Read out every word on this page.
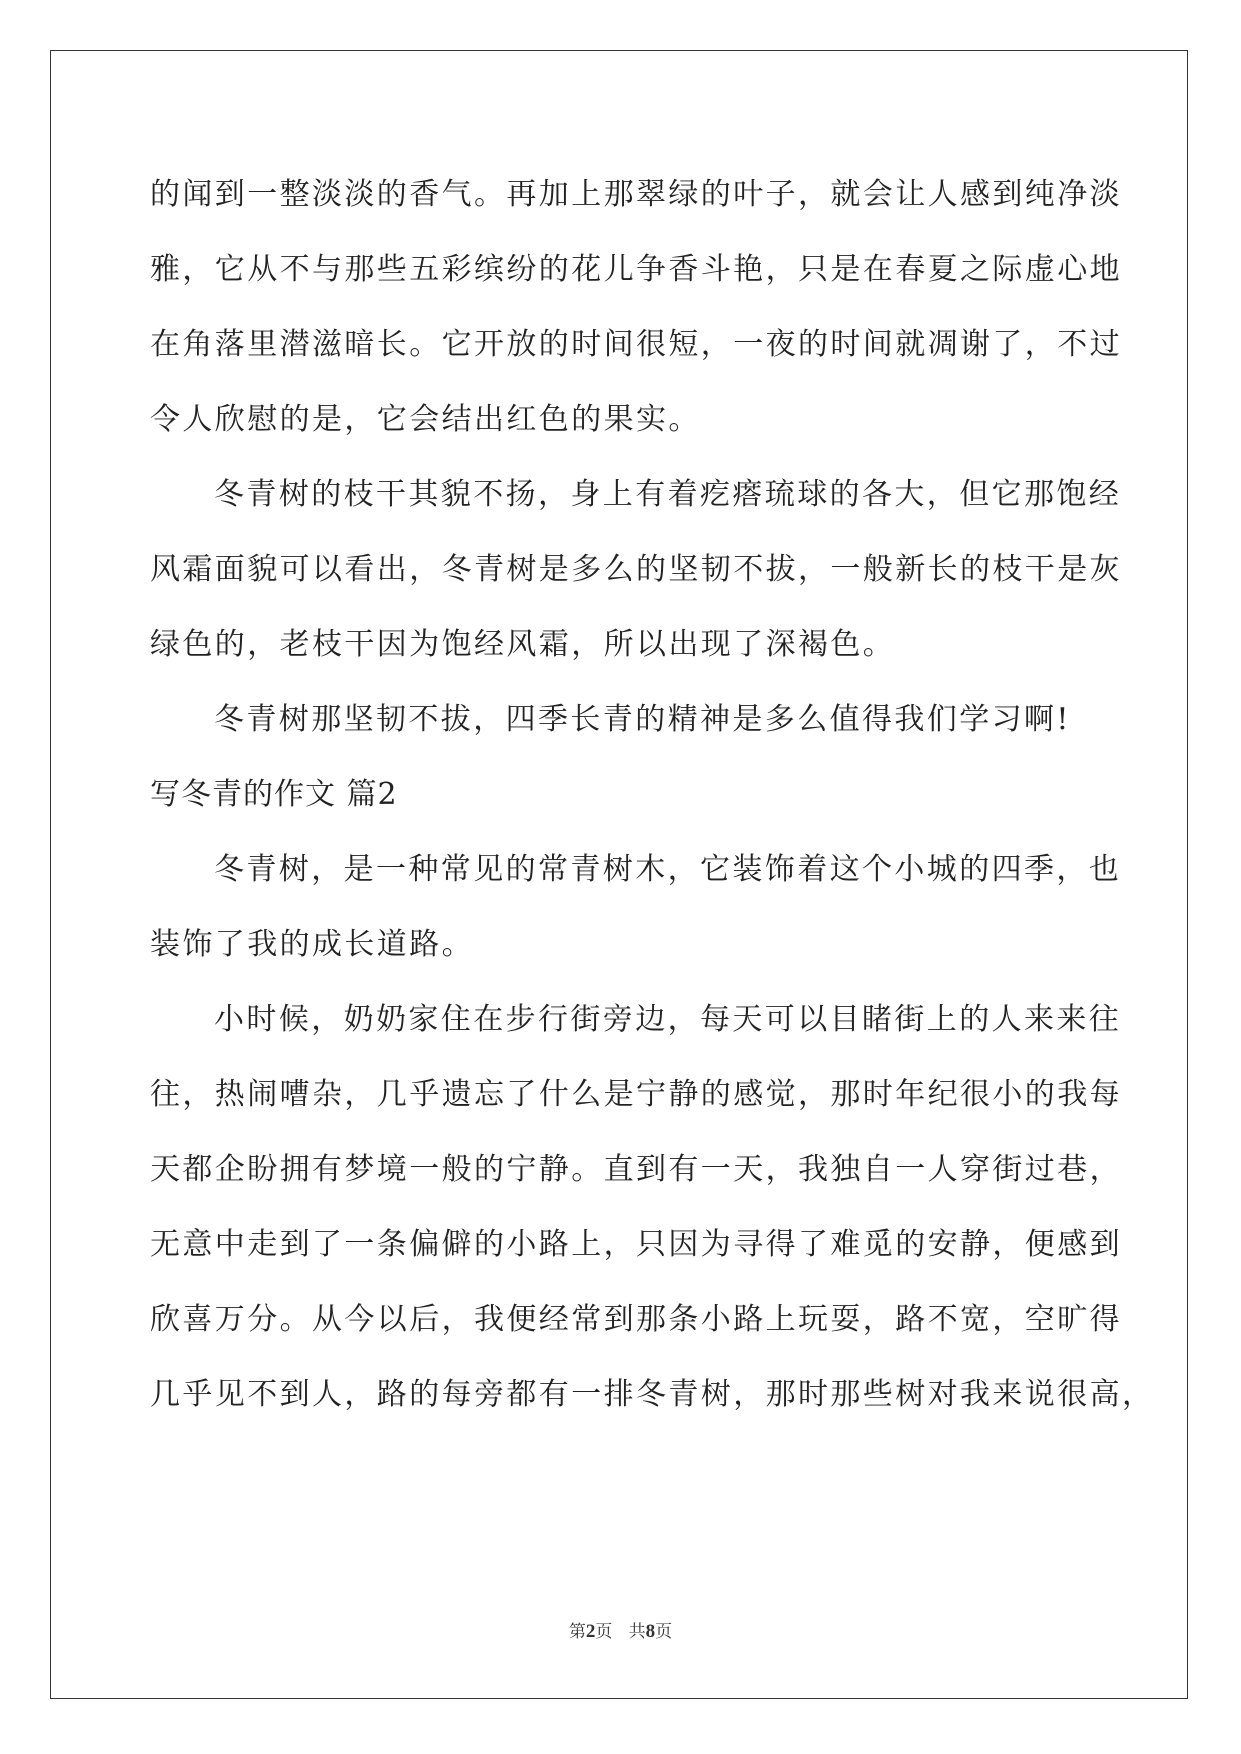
的闻到一整淡淡的香气。再加上那翠绿的叶子，就会让人感到纯净淡
雅，它从不与那些五彩缤纷的花儿争香斗艳，只是在春夏之际虚心地
在角落里潜滋暗长。它开放的时间很短，一夜的时间就凋谢了，不过
令人欣慰的是，它会结出红色的果实。
冬青树的枝干其貌不扬，身上有着疙瘩琉球的各大，但它那饱经
风霜面貌可以看出，冬青树是多么的坚韧不拔，一般新长的枝干是灰
绿色的，老枝干因为饱经风霜，所以出现了深褐色。
冬青树那坚韧不拔，四季长青的精神是多么值得我们学习啊!
写冬青的作文 篇2
冬青树，是一种常见的常青树木，它装饰着这个小城的四季，也
装饰了我的成长道路。
小时候，奶奶家住在步行街旁边，每天可以目睹街上的人来来往
往，热闹嘈杂，几乎遗忘了什么是宁静的感觉，那时年纪很小的我每
天都企盼拥有梦境一般的宁静。直到有一天，我独自一人穿街过巷，
无意中走到了一条偏僻的小路上，只因为寻得了难觅的安静，便感到
欣喜万分。从今以后，我便经常到那条小路上玩耍，路不宽，空旷得
几乎见不到人，路的每旁都有一排冬青树，那时那些树对我来说很高，
第2页 共8页
